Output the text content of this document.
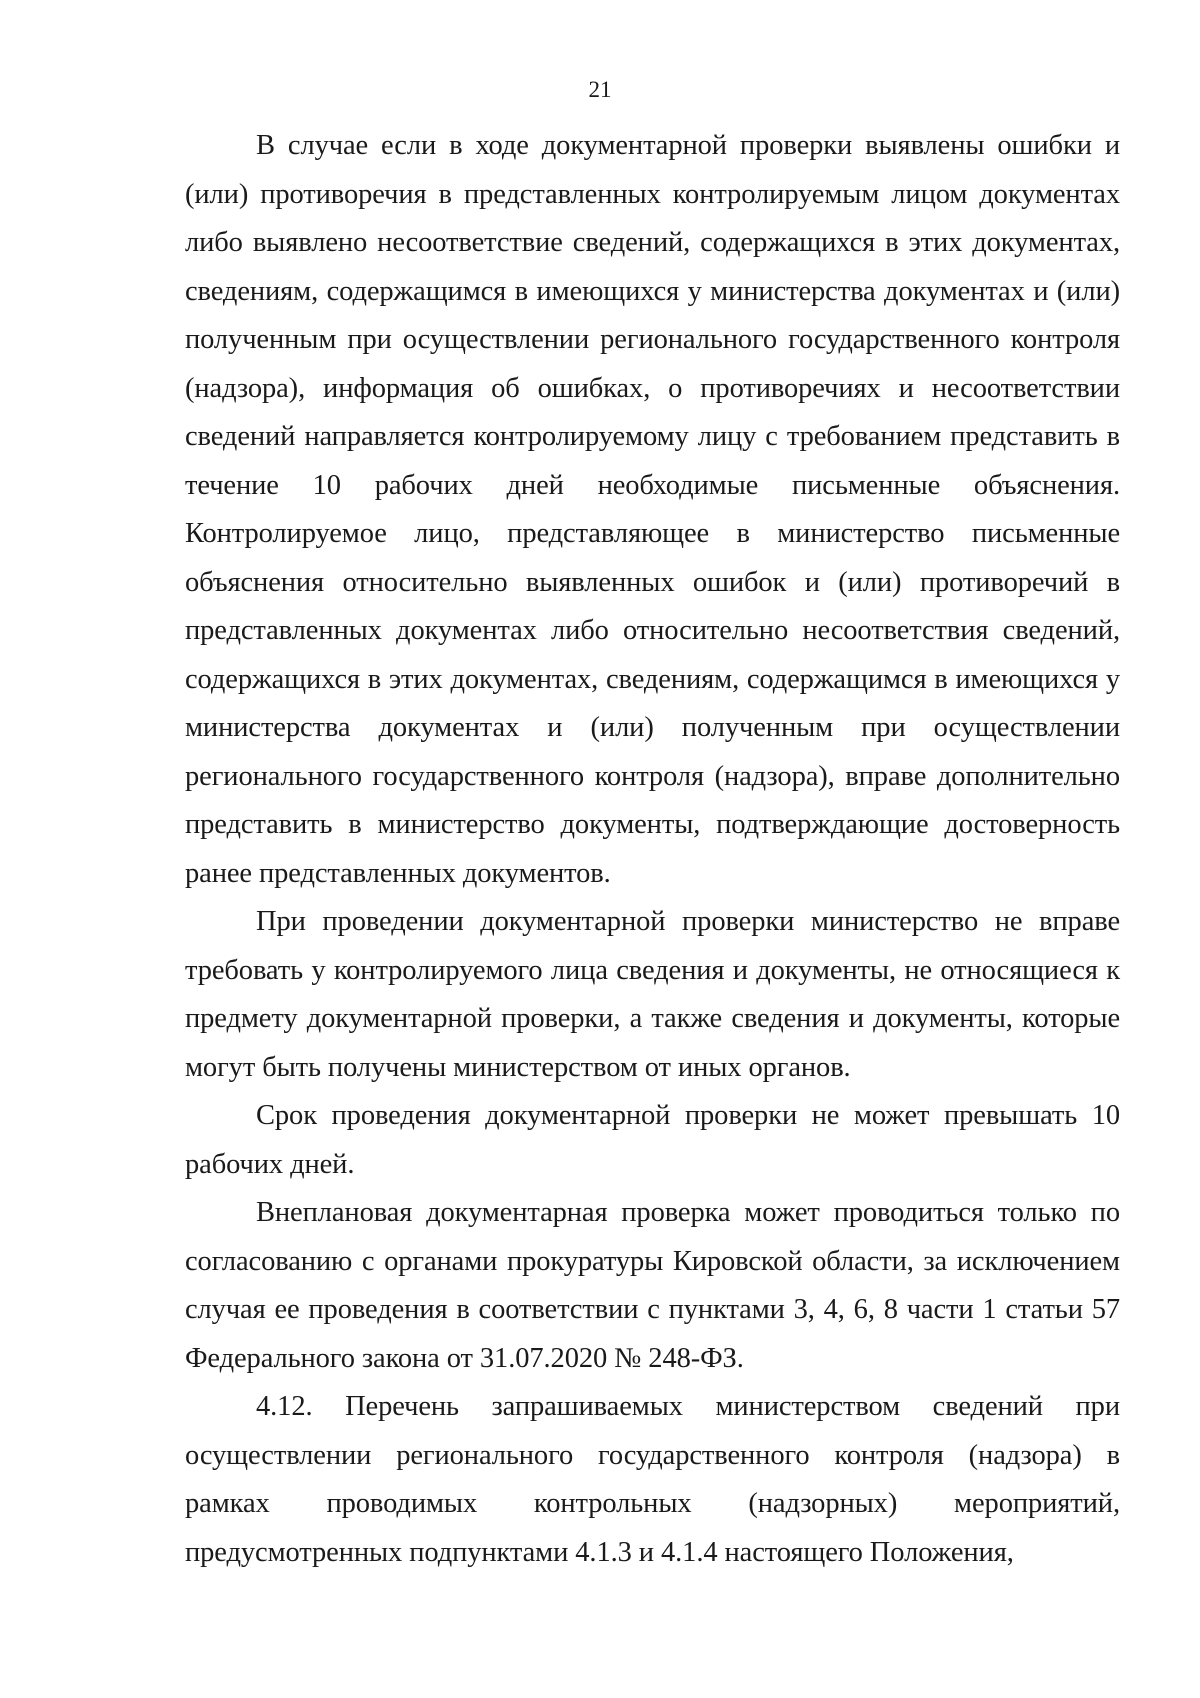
21

В случае если в ходе документарной проверки выявлены ошибки и (или) противоречия в представленных контролируемым лицом документах либо выявлено несоответствие сведений, содержащихся в этих документах, сведениям, содержащимся в имеющихся у министерства документах и (или) полученным при осуществлении регионального государственного контроля (надзора), информация об ошибках, о противоречиях и несоответствии сведений направляется контролируемому лицу с требованием представить в течение 10 рабочих дней необходимые письменные объяснения. Контролируемое лицо, представляющее в министерство письменные объяснения относительно выявленных ошибок и (или) противоречий в представленных документах либо относительно несоответствия сведений, содержащихся в этих документах, сведениям, содержащимся в имеющихся у министерства документах и (или) полученным при осуществлении регионального государственного контроля (надзора), вправе дополнительно представить в министерство документы, подтверждающие достоверность ранее представленных документов.

При проведении документарной проверки министерство не вправе требовать у контролируемого лица сведения и документы, не относящиеся к предмету документарной проверки, а также сведения и документы, которые могут быть получены министерством от иных органов.

Срок проведения документарной проверки не может превышать 10 рабочих дней.

Внеплановая документарная проверка может проводиться только по согласованию с органами прокуратуры Кировской области, за исключением случая ее проведения в соответствии с пунктами 3, 4, 6, 8 части 1 статьи 57 Федерального закона от 31.07.2020 № 248-ФЗ.

4.12. Перечень запрашиваемых министерством сведений при осуществлении регионального государственного контроля (надзора) в рамках проводимых контрольных (надзорных) мероприятий, предусмотренных подпунктами 4.1.3 и 4.1.4 настоящего Положения,
